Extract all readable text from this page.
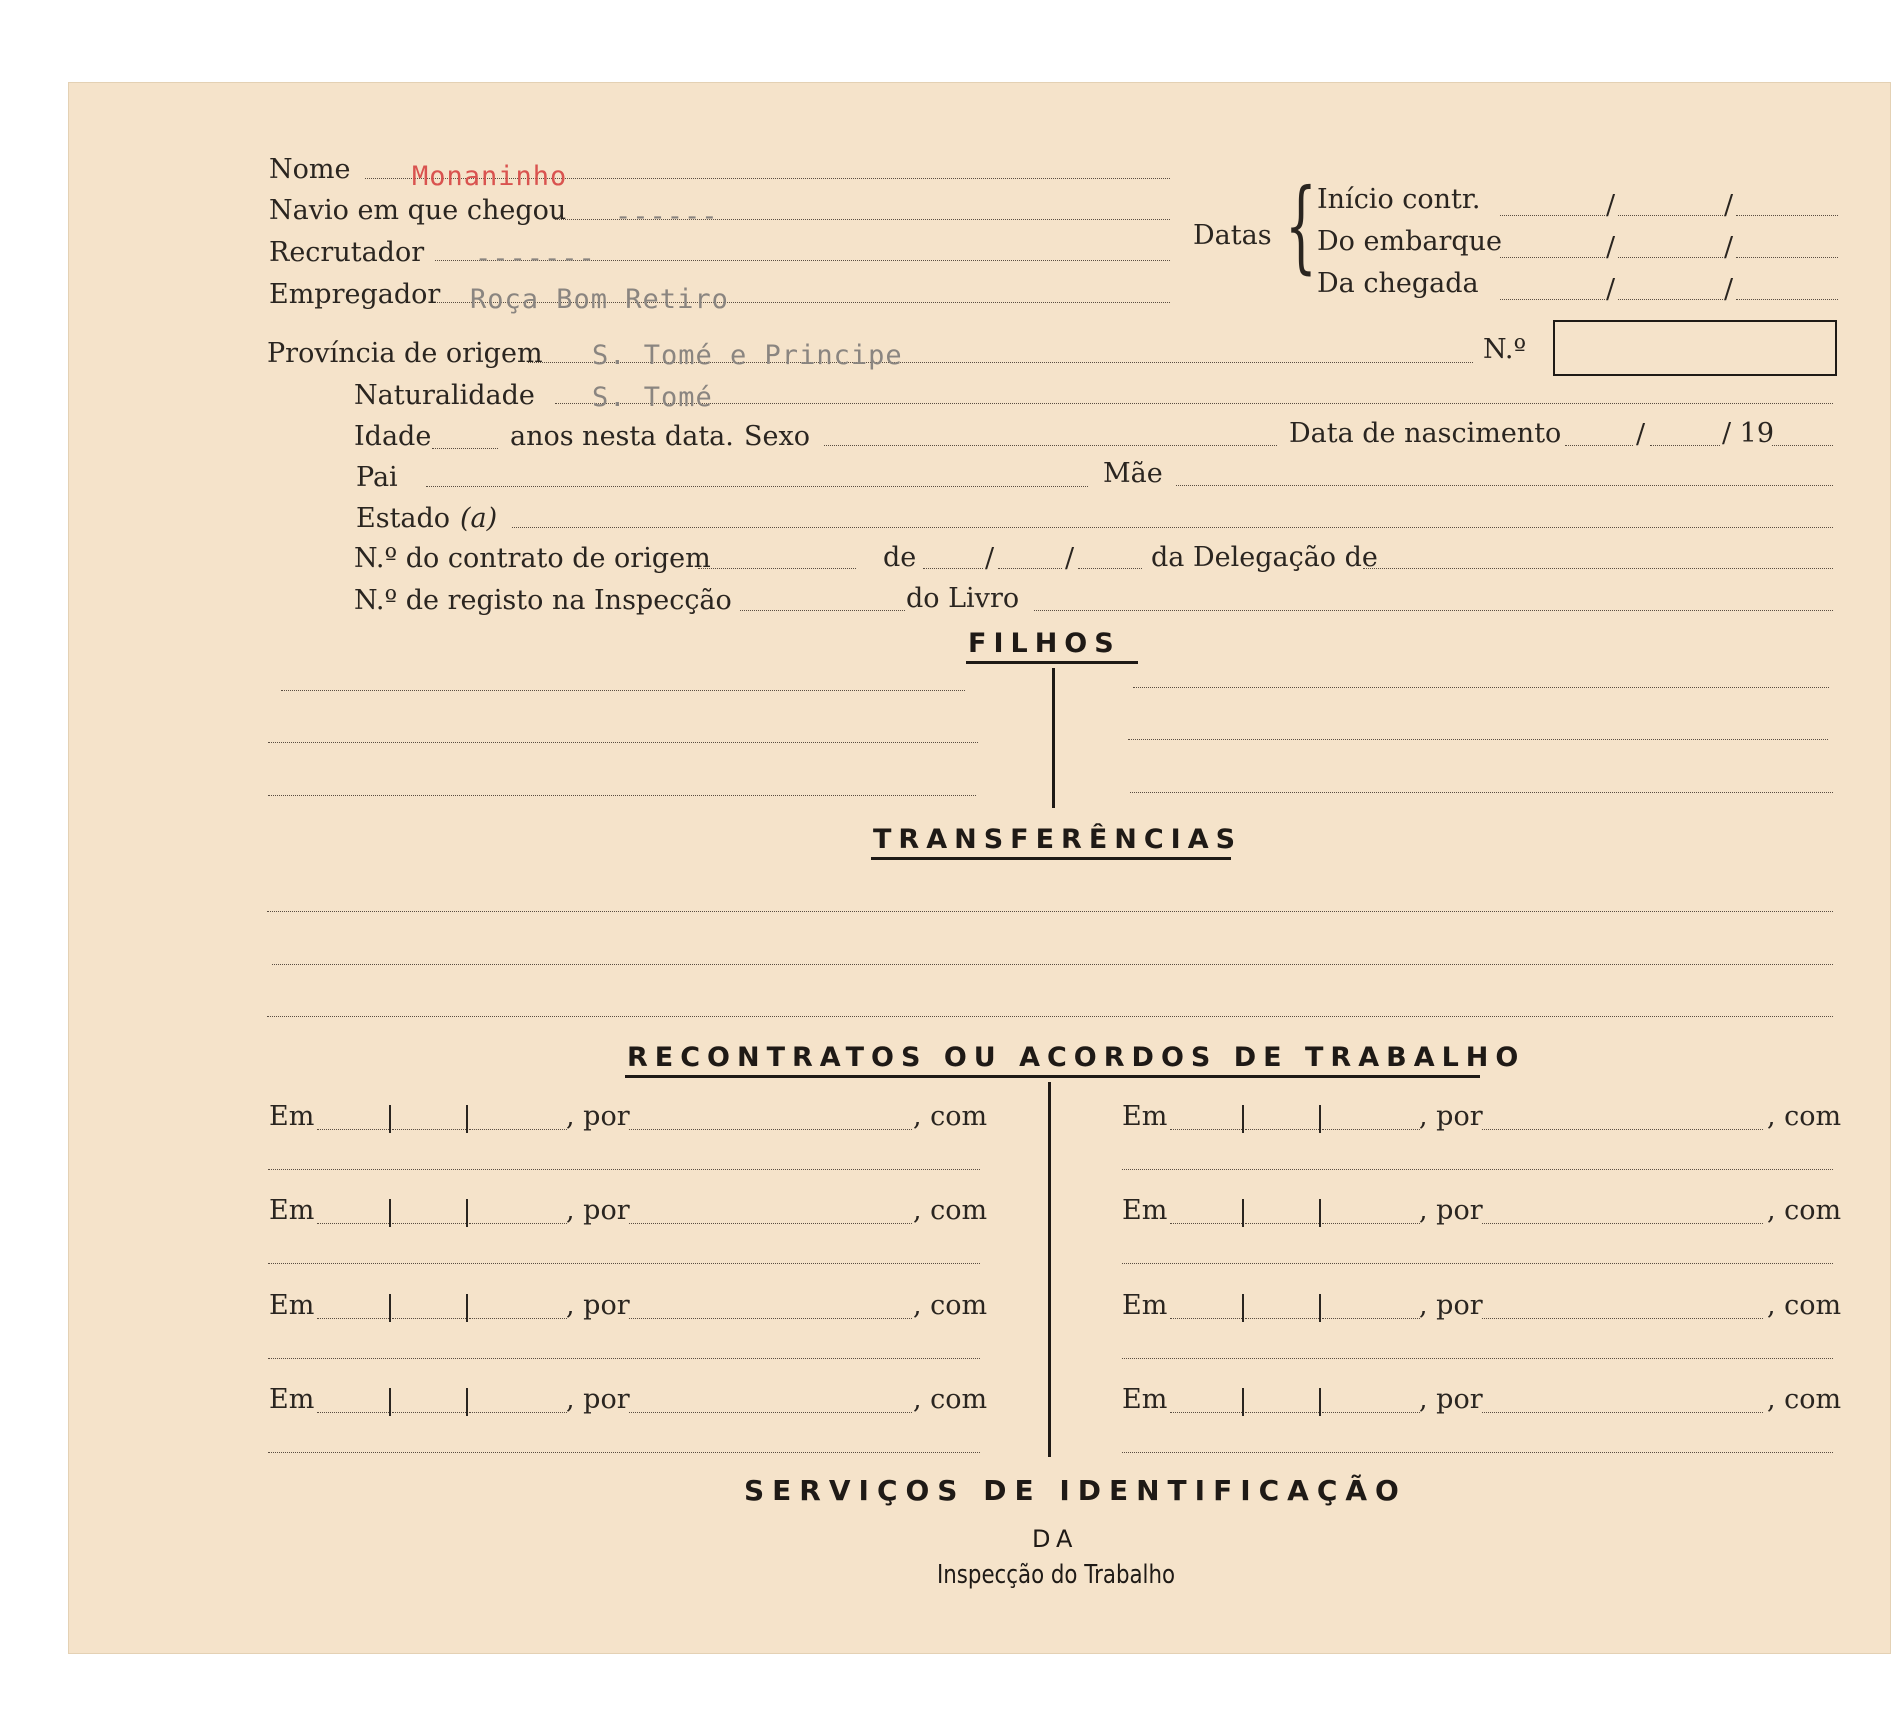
Nome Monaninho
Navio em que chegou ------
Recrutador -------
Empregador Roça Bom Retiro
Datas { Início contr.	/	/
Do embarque	/	/
Da chegada	/	/
Província de origem S. Tomé e Principe	N.º
Naturalidade S. Tomé
Idade	anos nesta data. Sexo	Data de nascimento	/	/ 19
Pai	Mãe
Estado (a)
N.º do contrato de origem	de	/	/	da Delegação de
N.º de registo na Inspecção	do Livro
FILHOS
TRANSFERÊNCIAS
RECONTRATOS OU ACORDOS DE TRABALHO
Em	, por	, com
Em	, por	, com
Em	, por	, com
Em	, por	, com
Em	, por	, com
Em	, por	, com
Em	, por	, com
Em	, por	, com
SERVIÇOS DE IDENTIFICAÇÃO
DA
Inspecção do Trabalho
